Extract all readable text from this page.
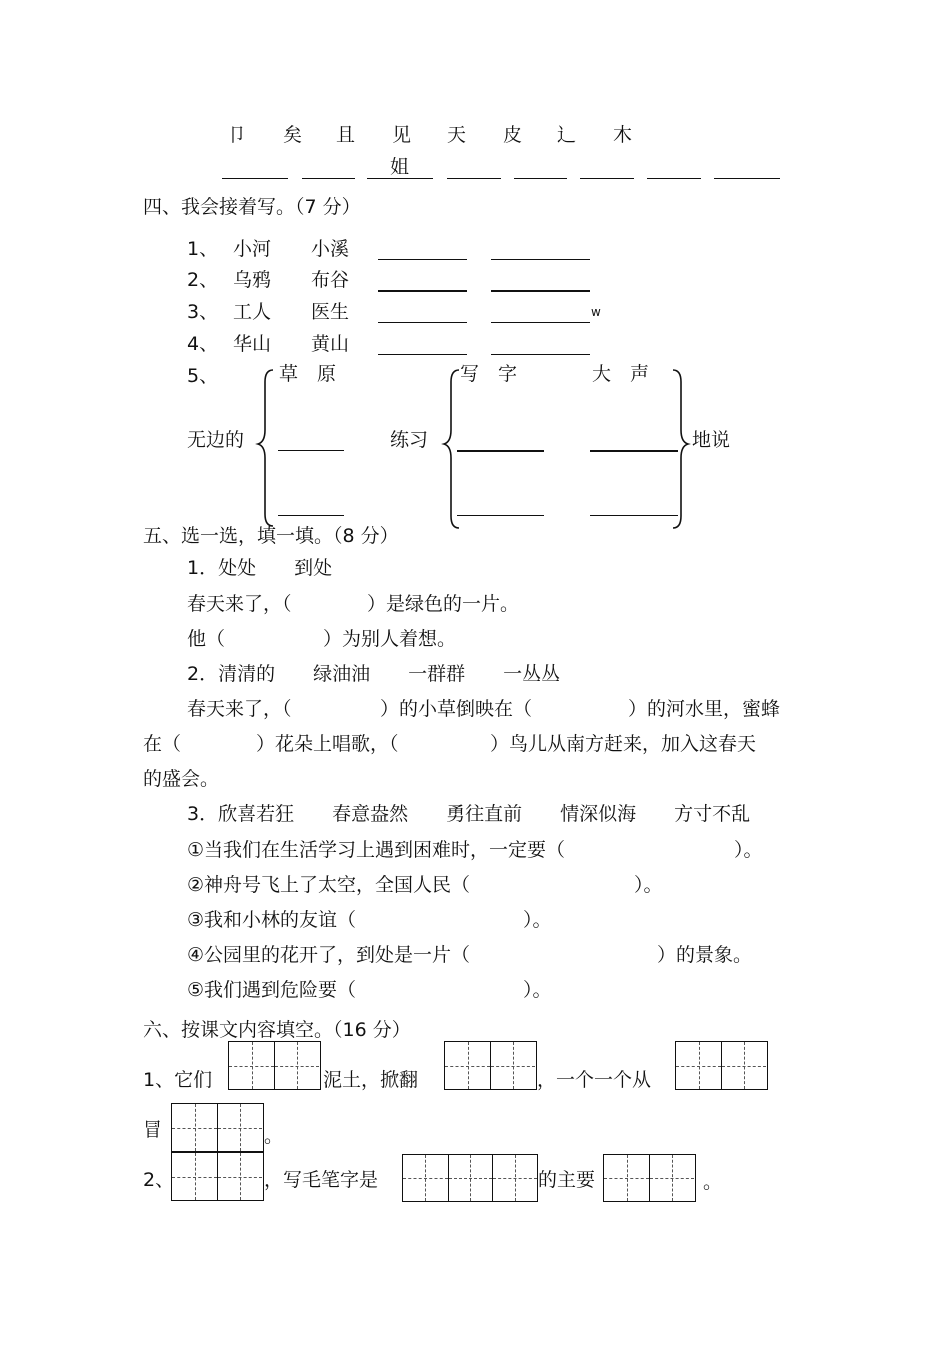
卩 矣 且 见 天 皮 辶 木
姐
四、我会接着写。（7 分）
1、 小河 小溪
2、 乌鸦 布谷
3、 工人 医生	w
4、 华山 黄山
5、	草　原
无边的	练习
写　字	大　声
地说
五、选一选，填一填。（8 分）
1．处处　　到处
春天来了，（	）是绿色的一片。
他（	）为别人着想。
2．清清的　　绿油油　　一群群　　一丛丛
春天来了，（	）的小草倒映在（	）的河水里，蜜蜂
在（	）花朵上唱歌，（	）鸟儿从南方赶来，加入这春天
的盛会。
3．欣喜若狂　　春意盎然　　勇往直前　　情深似海　　方寸不乱
①当我们在生活学习上遇到困难时，一定要（	）。
②神舟号飞上了太空，全国人民（	）。
③我和小林的友谊（	）。
④公园里的花开了，到处是一片（	）的景象。
⑤我们遇到危险要（	）。
六、按课文内容填空。（16 分）
1、它们	泥土，掀翻	，一个一个从
冒	。
2、	，写毛笔字是	的主要	。
